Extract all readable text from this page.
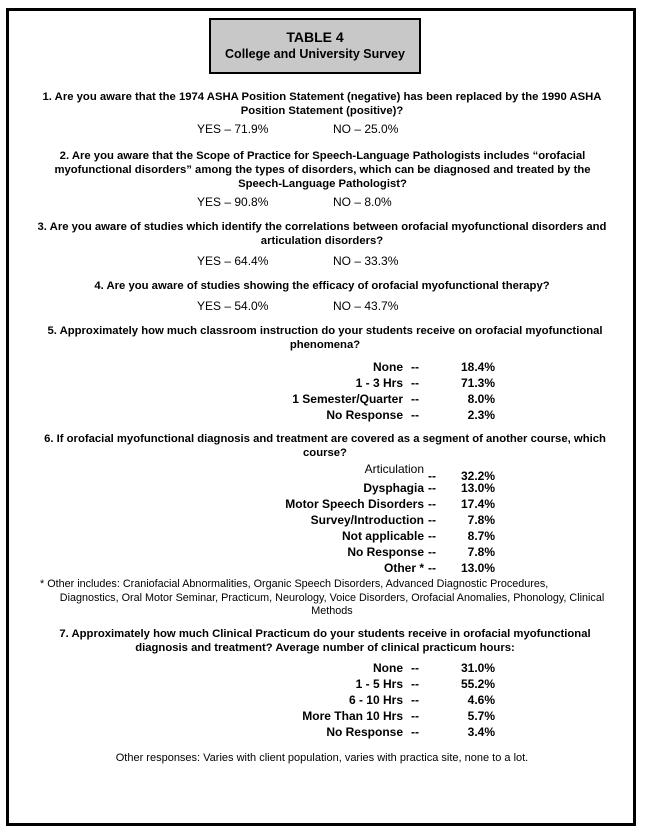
TABLE 4
College and University Survey
1. Are you aware that the 1974 ASHA Position Statement (negative) has been replaced by the 1990 ASHA Position Statement (positive)?
YES – 71.9%	NO – 25.0%
2. Are you aware that the Scope of Practice for Speech-Language Pathologists includes “orofacial myofunctional disorders” among the types of disorders, which can be diagnosed and treated by the Speech-Language Pathologist?
YES – 90.8%	NO – 8.0%
3. Are you aware of studies which identify the correlations between orofacial myofunctional disorders and articulation disorders?
YES – 64.4%	NO – 33.3%
4. Are you aware of studies showing the efficacy of orofacial myofunctional therapy?
YES – 54.0%	NO – 43.7%
5. Approximately how much classroom instruction do your students receive on orofacial myofunctional phenomena?
None --	18.4%
1 - 3 Hrs --	71.3%
1 Semester/Quarter --	8.0%
No Response --	2.3%
6. If orofacial myofunctional diagnosis and treatment are covered as a segment of another course, which course?
Articulation -- 32.2%
Dysphagia -- 13.0%
Motor Speech Disorders -- 17.4%
Survey/Introduction --	7.8%
Not applicable --	8.7%
No Response --	7.8%
Other * -- 13.0%
* Other includes: Craniofacial Abnormalities, Organic Speech Disorders, Advanced Diagnostic Procedures,
Diagnostics, Oral Motor Seminar, Practicum, Neurology, Voice Disorders, Orofacial Anomalies, Phonology, Clinical Methods
7. Approximately how much Clinical Practicum do your students receive in orofacial myofunctional diagnosis and treatment? Average number of clinical practicum hours:
None --	31.0%
1 - 5 Hrs --	55.2%
6 - 10 Hrs --	4.6%
More Than 10 Hrs --	5.7%
No Response --	3.4%
Other responses: Varies with client population, varies with practica site, none to a lot.
